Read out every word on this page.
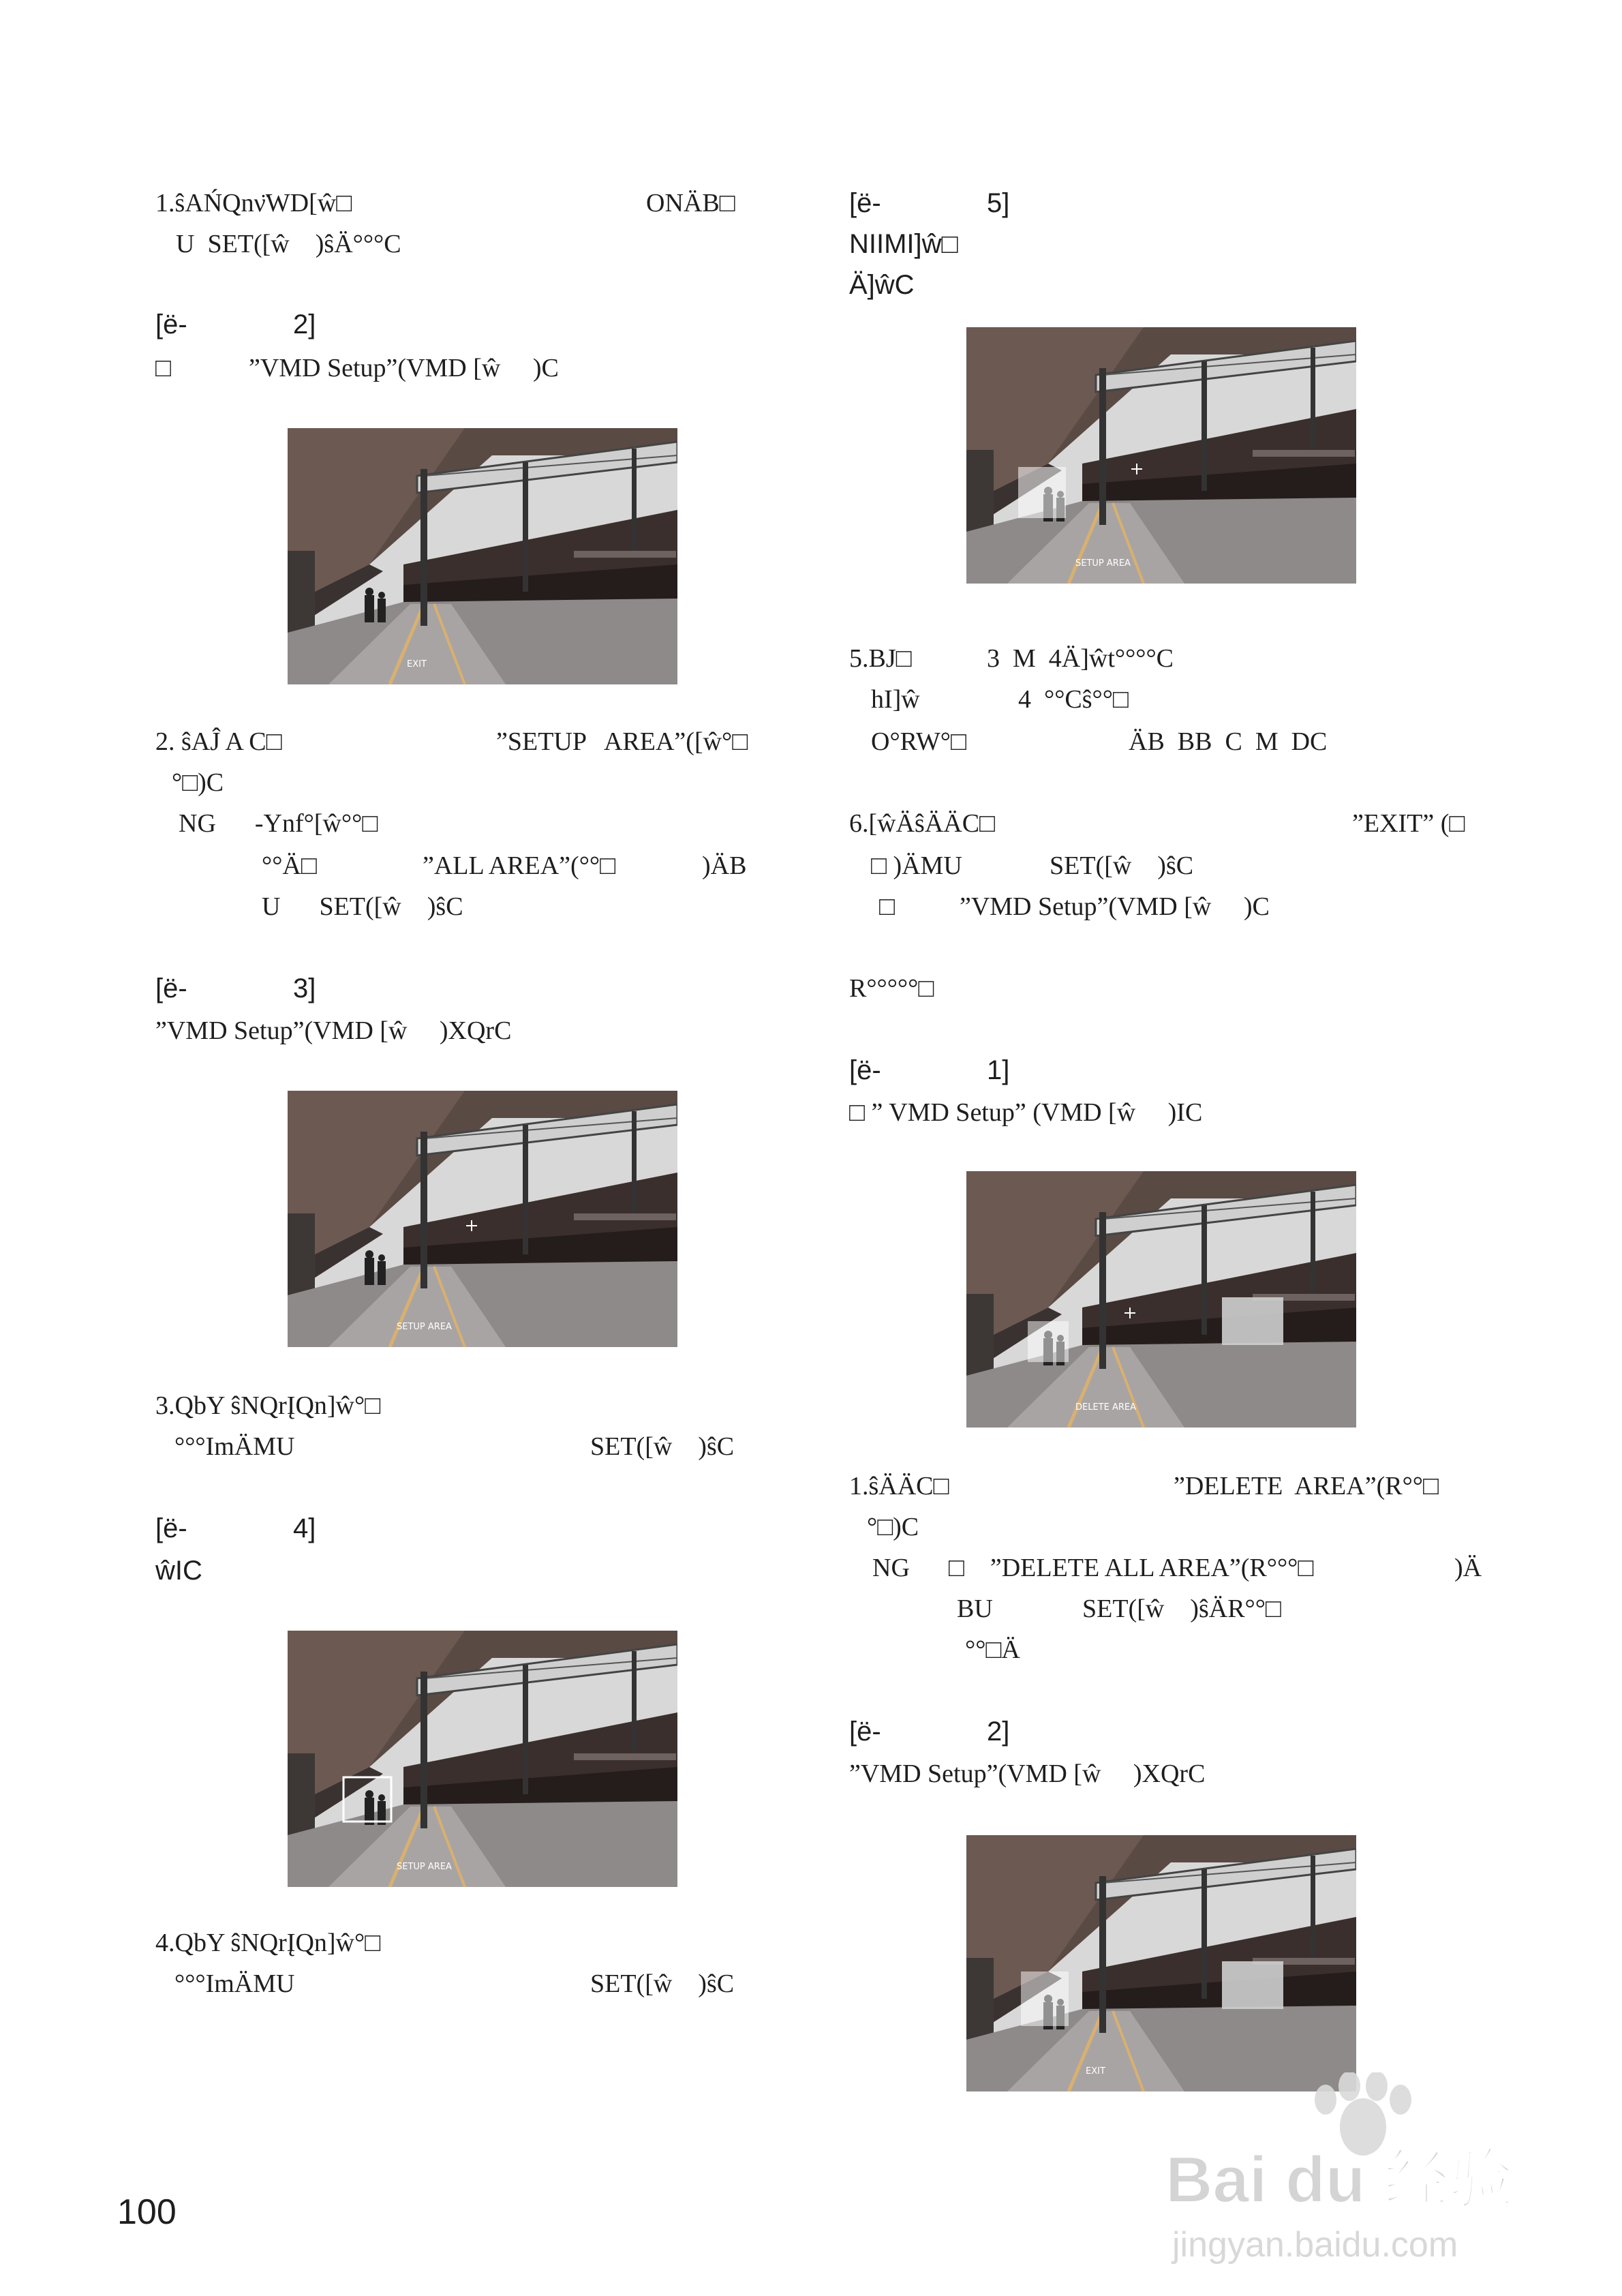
1.ŝAŃQnν̈WD[ŵ□	ONÄB□
U  SET([ŵ    )ŝÄ°°°C
[ë-	2]
□            ”VMD Setup”(VMD [ŵ     )C
EXIT
2. ŝAĴ A C□	”SETUP   AREA”([ŵ°□
°□)C
NG      -Ynf°[ŵ°°□
°°Ä□	”ALL AREA”(°°□	)ÄB
U      SET([ŵ    )ŝC
[ë-	3]
”VMD Setup”(VMD [ŵ     )XQrC
SETUP AREA
3.QbY ŝNQrĮQn]ŵ°□
°°°ImÄMU	SET([ŵ    )ŝC
[ë-	4]
ŵIC
SETUP AREA
4.QbY ŝNQrĮQn]ŵ°□
°°°ImÄMU	SET([ŵ    )ŝC
[ë-	5]
NIIMI]ŵ□
Ä]ŵC
SETUP AREA
5.BJ□	3  M  4Ä]ŵt°°°°C
hI]ŵ	4  °°Cŝ°°□
O°RW°□	ÄB  BB  C  M  DC
6.[ŵÄŝÄÄC□	”EXIT” (□
□ )ÄMU	SET([ŵ    )ŝC
□          ”VMD Setup”(VMD [ŵ     )C
R°°°°°□
[ë-	1]
□ ” VMD Setup” (VMD [ŵ     )IC
DELETE AREA
1.ŝÄÄC□	”DELETE  AREA”(R°°□
°□)C
NG      □    ”DELETE ALL AREA”(R°°°□	)Ä
BU	SET([ŵ    )ŝÄR°°□
°°□Ä
[ë-	2]
”VMD Setup”(VMD [ŵ     )XQrC
EXIT
100	Bai du 经验
jingyan.baidu.com
